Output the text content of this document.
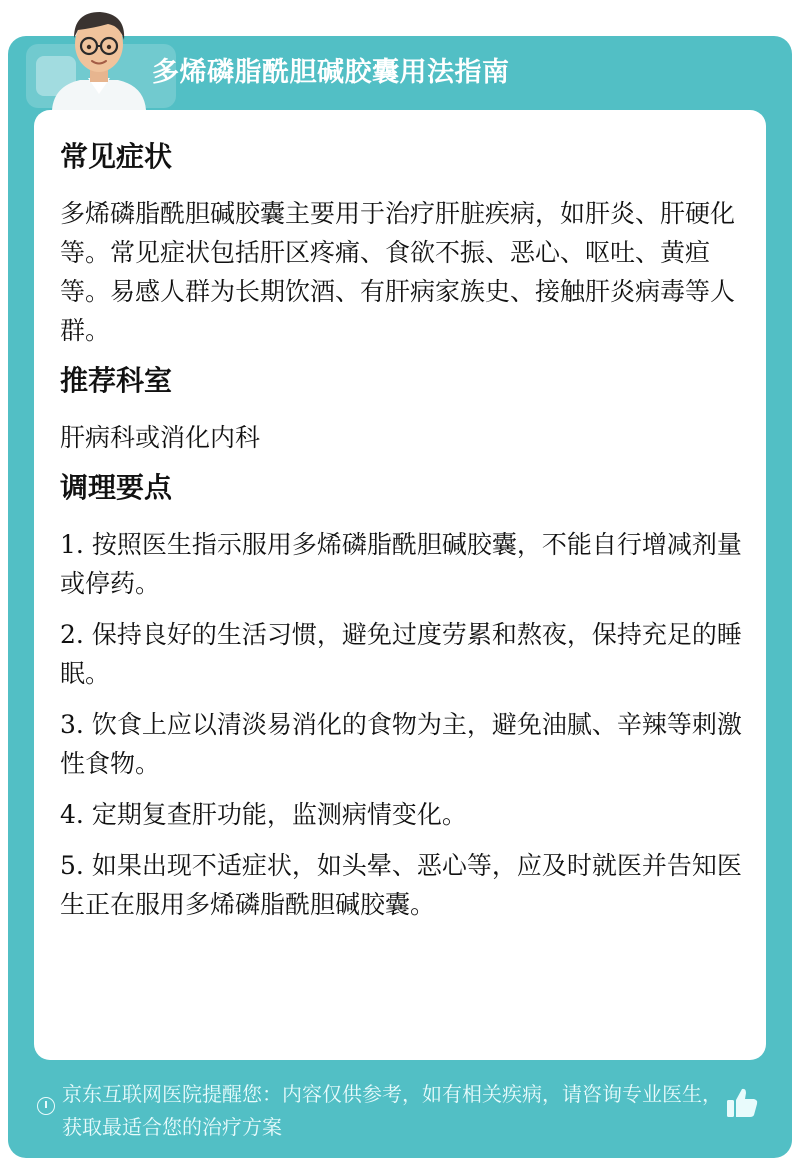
多烯磷脂酰胆碱胶囊用法指南
常见症状
多烯磷脂酰胆碱胶囊主要用于治疗肝脏疾病，如肝炎、肝硬化等。常见症状包括肝区疼痛、食欲不振、恶心、呕吐、黄疸等。易感人群为长期饮酒、有肝病家族史、接触肝炎病毒等人群。
推荐科室
肝病科或消化内科
调理要点
1. 按照医生指示服用多烯磷脂酰胆碱胶囊，不能自行增减剂量或停药。
2. 保持良好的生活习惯，避免过度劳累和熬夜，保持充足的睡眠。
3. 饮食上应以清淡易消化的食物为主，避免油腻、辛辣等刺激性食物。
4. 定期复查肝功能，监测病情变化。
5. 如果出现不适症状，如头晕、恶心等，应及时就医并告知医生正在服用多烯磷脂酰胆碱胶囊。
京东互联网医院提醒您：内容仅供参考，如有相关疾病，请咨询专业医生，获取最适合您的治疗方案
